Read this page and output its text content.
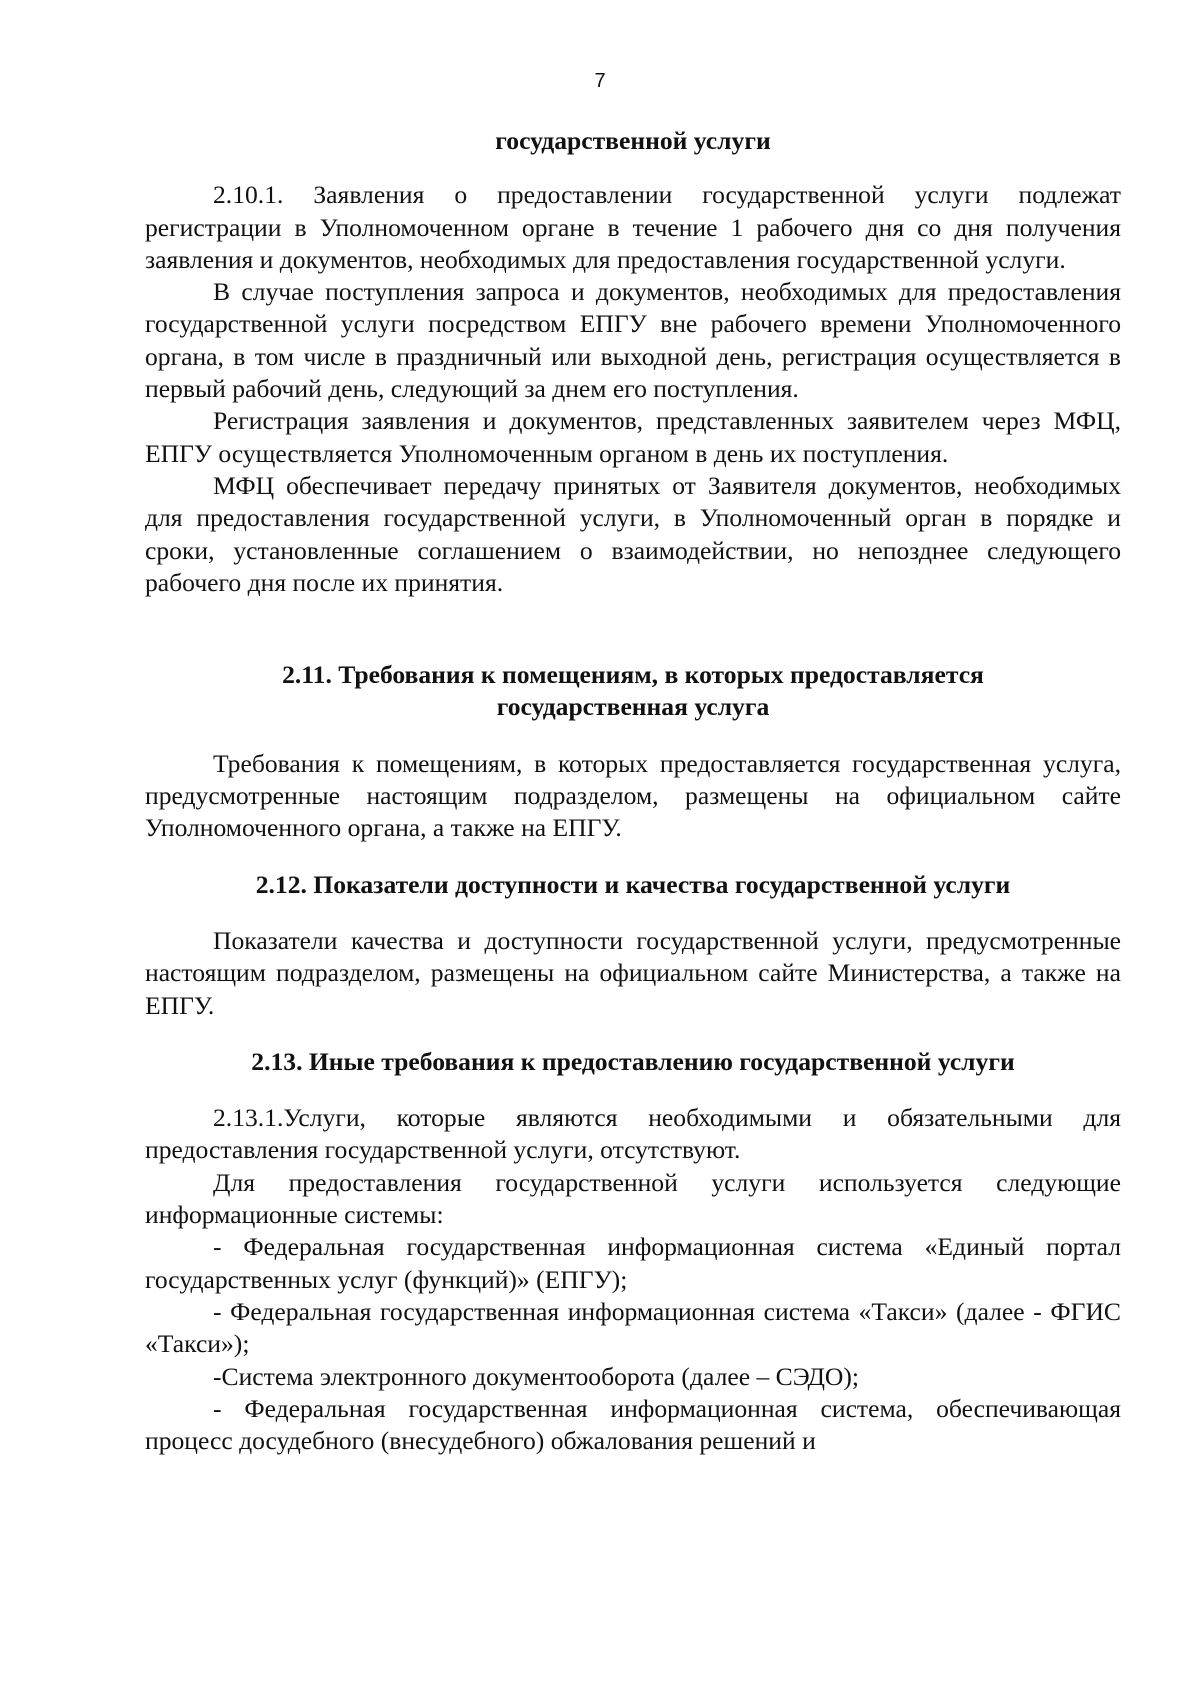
7

государственной услуги

2.10.1. Заявления о предоставлении государственной услуги подлежат регистрации в Уполномоченном органе в течение 1 рабочего дня со дня получения заявления и документов, необходимых для предоставления государственной услуги.

В случае поступления запроса и документов, необходимых для предоставления государственной услуги посредством ЕПГУ вне рабочего времени Уполномоченного органа, в том числе в праздничный или выходной день, регистрация осуществляется в первый рабочий день, следующий за днем его поступления.

Регистрация заявления и документов, представленных заявителем через МФЦ, ЕПГУ осуществляется Уполномоченным органом в день их поступления.

МФЦ обеспечивает передачу принятых от Заявителя документов, необходимых для предоставления государственной услуги, в Уполномоченный орган в порядке и сроки, установленные соглашением о взаимодействии, но непозднее следующего рабочего дня после их принятия.

2.11. Требования к помещениям, в которых предоставляется
государственная услуга

Требования к помещениям, в которых предоставляется государственная услуга, предусмотренные настоящим подразделом, размещены на официальном сайте Уполномоченного органа, а также на ЕПГУ.

2.12. Показатели доступности и качества государственной услуги

Показатели качества и доступности государственной услуги, предусмотренные настоящим подразделом, размещены на официальном сайте Министерства, а также на ЕПГУ.

2.13. Иные требования к предоставлению государственной услуги

2.13.1.Услуги, которые являются необходимыми и обязательными для предоставления государственной услуги, отсутствуют.

Для предоставления государственной услуги используется следующие информационные системы:

- Федеральная государственная информационная система «Единый портал государственных услуг (функций)» (ЕПГУ);

- Федеральная государственная информационная система «Такси» (далее - ФГИС «Такси»);

-Система электронного документооборота (далее – СЭДО);

- Федеральная государственная информационная система, обеспечивающая процесс досудебного (внесудебного) обжалования решений и
